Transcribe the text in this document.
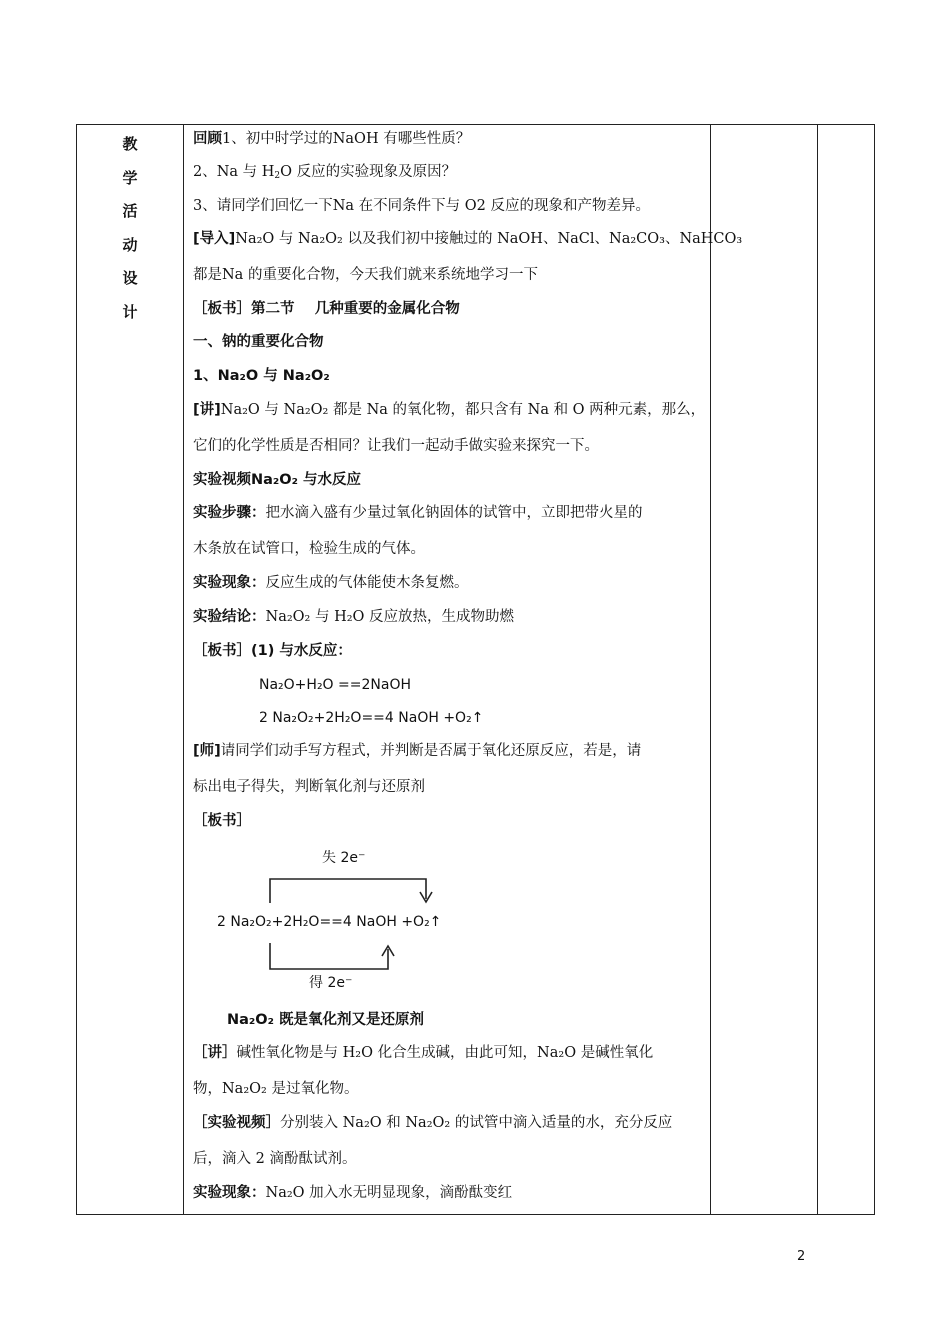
教
学
活
动
设
计
回顾1、初中时学过的NaOH 有哪些性质？
2、Na 与 $H_2O$ 反应的实验现象及原因？
3、请同学们回忆一下Na 在不同条件下与 O2 反应的现象和产物差异。
[导入]Na₂O 与 Na₂O₂ 以及我们初中接触过的 NaOH、NaCl、Na₂CO₃、NaHCO₃
都是Na 的重要化合物，今天我们就来系统地学习一下
［板书］第二节 几种重要的金属化合物
一、钠的重要化合物
1、Na₂O 与 Na₂O₂
[讲]Na₂O 与 Na₂O₂ 都是 Na 的氧化物，都只含有 Na 和 O 两种元素，那么，
它们的化学性质是否相同？让我们一起动手做实验来探究一下。
实验视频Na₂O₂ 与水反应
实验步骤：把水滴入盛有少量过氧化钠固体的试管中，立即把带火星的
木条放在试管口，检验生成的气体。
实验现象：反应生成的气体能使木条复燃。
实验结论：Na₂O₂ 与 H₂O 反应放热，生成物助燃
［板书］(1) 与水反应：
Na₂O+H₂O ==2NaOH
2 Na₂O₂+2H₂O==4 NaOH +O₂↑
[师]请同学们动手写方程式，并判断是否属于氧化还原反应，若是，请
标出电子得失，判断氧化剂与还原剂
［板书］
失 2e⁻
2 Na₂O₂+2H₂O==4 NaOH +O₂↑
得 2e⁻
Na₂O₂ 既是氧化剂又是还原剂
［讲］碱性氧化物是与 H₂O 化合生成碱，由此可知，Na₂O 是碱性氧化
物，Na₂O₂ 是过氧化物。
［实验视频］分别装入 Na₂O 和 Na₂O₂ 的试管中滴入适量的水，充分反应
后，滴入 2 滴酚酞试剂。
实验现象：Na₂O 加入水无明显现象，滴酚酞变红
2
